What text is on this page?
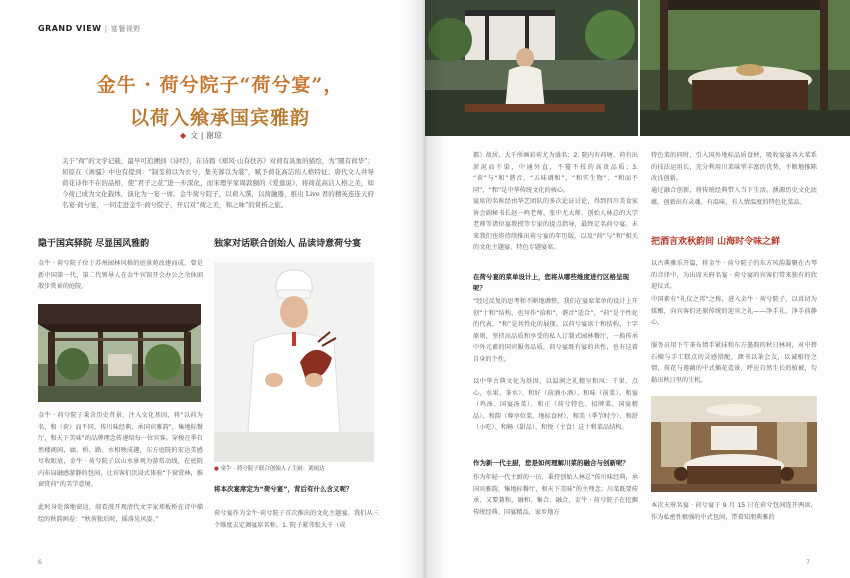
GRAND VIEW | 宴餐视野
金牛 · 荷兮院子“荷兮宴”，
以荷入飨承国宾雅韵
◆ 文 | 谢琼
关于“荷”的文学记载，最早可追溯到《诗经》，在诗篇《郑风·山有扶苏》对荷有具象的描绘，为“隰有荷华”；屈原在《离骚》中也有提到：“制芰荷以为衣兮，集芙蓉以为裳”，赋予荷花高洁的人格特征；唐代文人井导荷花诗作不在的品格，使“君子之花”进一步深化，而宋理学家周敦颐的《爱莲说》，将荷花高洁人格之美，如今荷已成为文化载体，演化为一宴一席。金牛荷兮院子，以荷入馔，以荷融器，推出 Live 君的精英连连天府名宴·荷兮宴，一同走进金牛·荷兮院子，开启对“荷之美，和之味”的赏析之旅。
隐于国宾驿院 尽显国风雅韵	独家对话联合创始人 品读诗意荷兮宴
金牛 · 荷兮院子位于苏州园林风格的庭景苑改建而成，曾是新中国第一代、第二代领导人在金牛宾馆开会办公之余休闲散步赏景的庭院。
金牛 · 荷兮院子秉含历史背景，注入文化基因，将“以荷为名，和（荷）而不同，传川味经典，承国宾雅韵”，集地标餐厅，和天下美味”的品牌理念传递给每一位宾客。穿梭在季自然楼阁间，廊、桥、路、水相映成趣，东方庭院的宏达美感尽收眼底，金牛 · 荷兮院子以山水景观为游赏动线，在庭院内布局融感游静的包间，让宾客们沉浸式体验“下窗赏林，推窗赏荷”的美学意境。
此时身处落地窗边，端看漫开观清代文字家郑板桥在诗中描绘的秋韵画卷：“秋荷独后时，摇落见风姿。”
● 金牛 · 荷兮院子联合创始人 / 主厨：刘雨达
将本次宴席定为“荷兮宴”，背后有什么含义呢？
荷兮宴作为金牛·荷兮院子首次推出的文化主题宴，我们从三个维度去定调宴席名称。1. 院子紧邻张大千（成
6
都）故居，大千所画彩荷尤为盛名；2. 院内有荷塘，荷有出淤泥而不染，中通外直，不蔓不枝的高贵品质；3. “荷”与“和”谐音，“五味调和”、“和实生物”、“和而不同”，“和”是中华传统文化的核心。
宴席的名称经由华艺团队的多次论证讨论，得到四川美食家协会副秘书长赵一鸣老师、张中尤大师、创始人林总的大学老师等诸位宴教授等专家的提点指导，最终定名荷兮宴。未来我们也将持续推出荷兮宴的年历版，以及“荷”与“和”相关的文化主题宴，特色专题宴席。
在荷兮宴的菜单设计上，您将从哪些维度进行区格呈现呢？
“经过反复的思考和不断地调整，我们在宴席菜单的设计上开创“十和”结构，也写作“拾和”，谐音“适合”，“荷”是个性化的代表，“和”是共性化的展现。以荷兮宴席十和结构、十字原则，坚持高品质和享受的私人订制式园林餐厅，一换传承中外元素的国宾服务品质，荷兮宴既有宴的共性，也有这着自身的个性。
以中华古典文化为基因，以温润之礼精呈和风：干果、点心、水果、茶水）、和好（前酒小酒）、和味（前菜）、和宴（鸡汤、国宴汤菜）、和正（荷兮特色、招牌菜、国宴精品）、和韵（尊享位菜、地标食材）、和美（季节时令）、和舒（小吃）、和畅（甜品）、和悦（主食）这十和菜品结构。
作为新一代主厨，您是如何理解川菜的融合与创新呢？
作为年轻一代主厨的一员，秉持创始人林总“传川味经典，承国宾雅韵，集地标餐厅，和天下美味”的主理念；川菜既要传承，又要兼和，融和、集合、融合，金牛 · 荷兮院子在挖掘传统经典、国宴精品，家乡地方
特色菜的同时，引入国外地标品质食材，吸收宴宴各大菜系的技法运用长，充分利用川菜味型丰富的优势，不断地推陈改良创新。
通过融合创新，将传统经典带入当下生活，澳源历史文化底蕴，创新出有灵魂、有温味，有人情温度的特色化菜品。
把酒言欢秋韵间 山海时令味之鲜
以古典雅乐开篇，将金牛 · 荷兮院子的东方风韵凝聚在古琴的音律中，为出席天府名宴 · 荷兮宴的宾客们带来独有的欣迎仪式。
中国素有“礼仪之邦”之称，进入金牛 · 荷兮院子，以真切为媒酿，向宾客们还原传统的迎宾之礼——净手礼、净手前静心。
服务员用下午茶布情手紧抹和东方墨韵的秋日林间，对中碧石榴与手工糕点的灵感搭配，颜书以茶会友，以诚相待之情，荷花与莲藕的中式插花造景，呼应自然生长的植被，勾勒出秋日里的生机。
本次天府名宴 · 荷兮宴于 9 月 15 日在荷兮包间连开两席，作为私密性极强的中式包间，带着知朋典雅的
7
